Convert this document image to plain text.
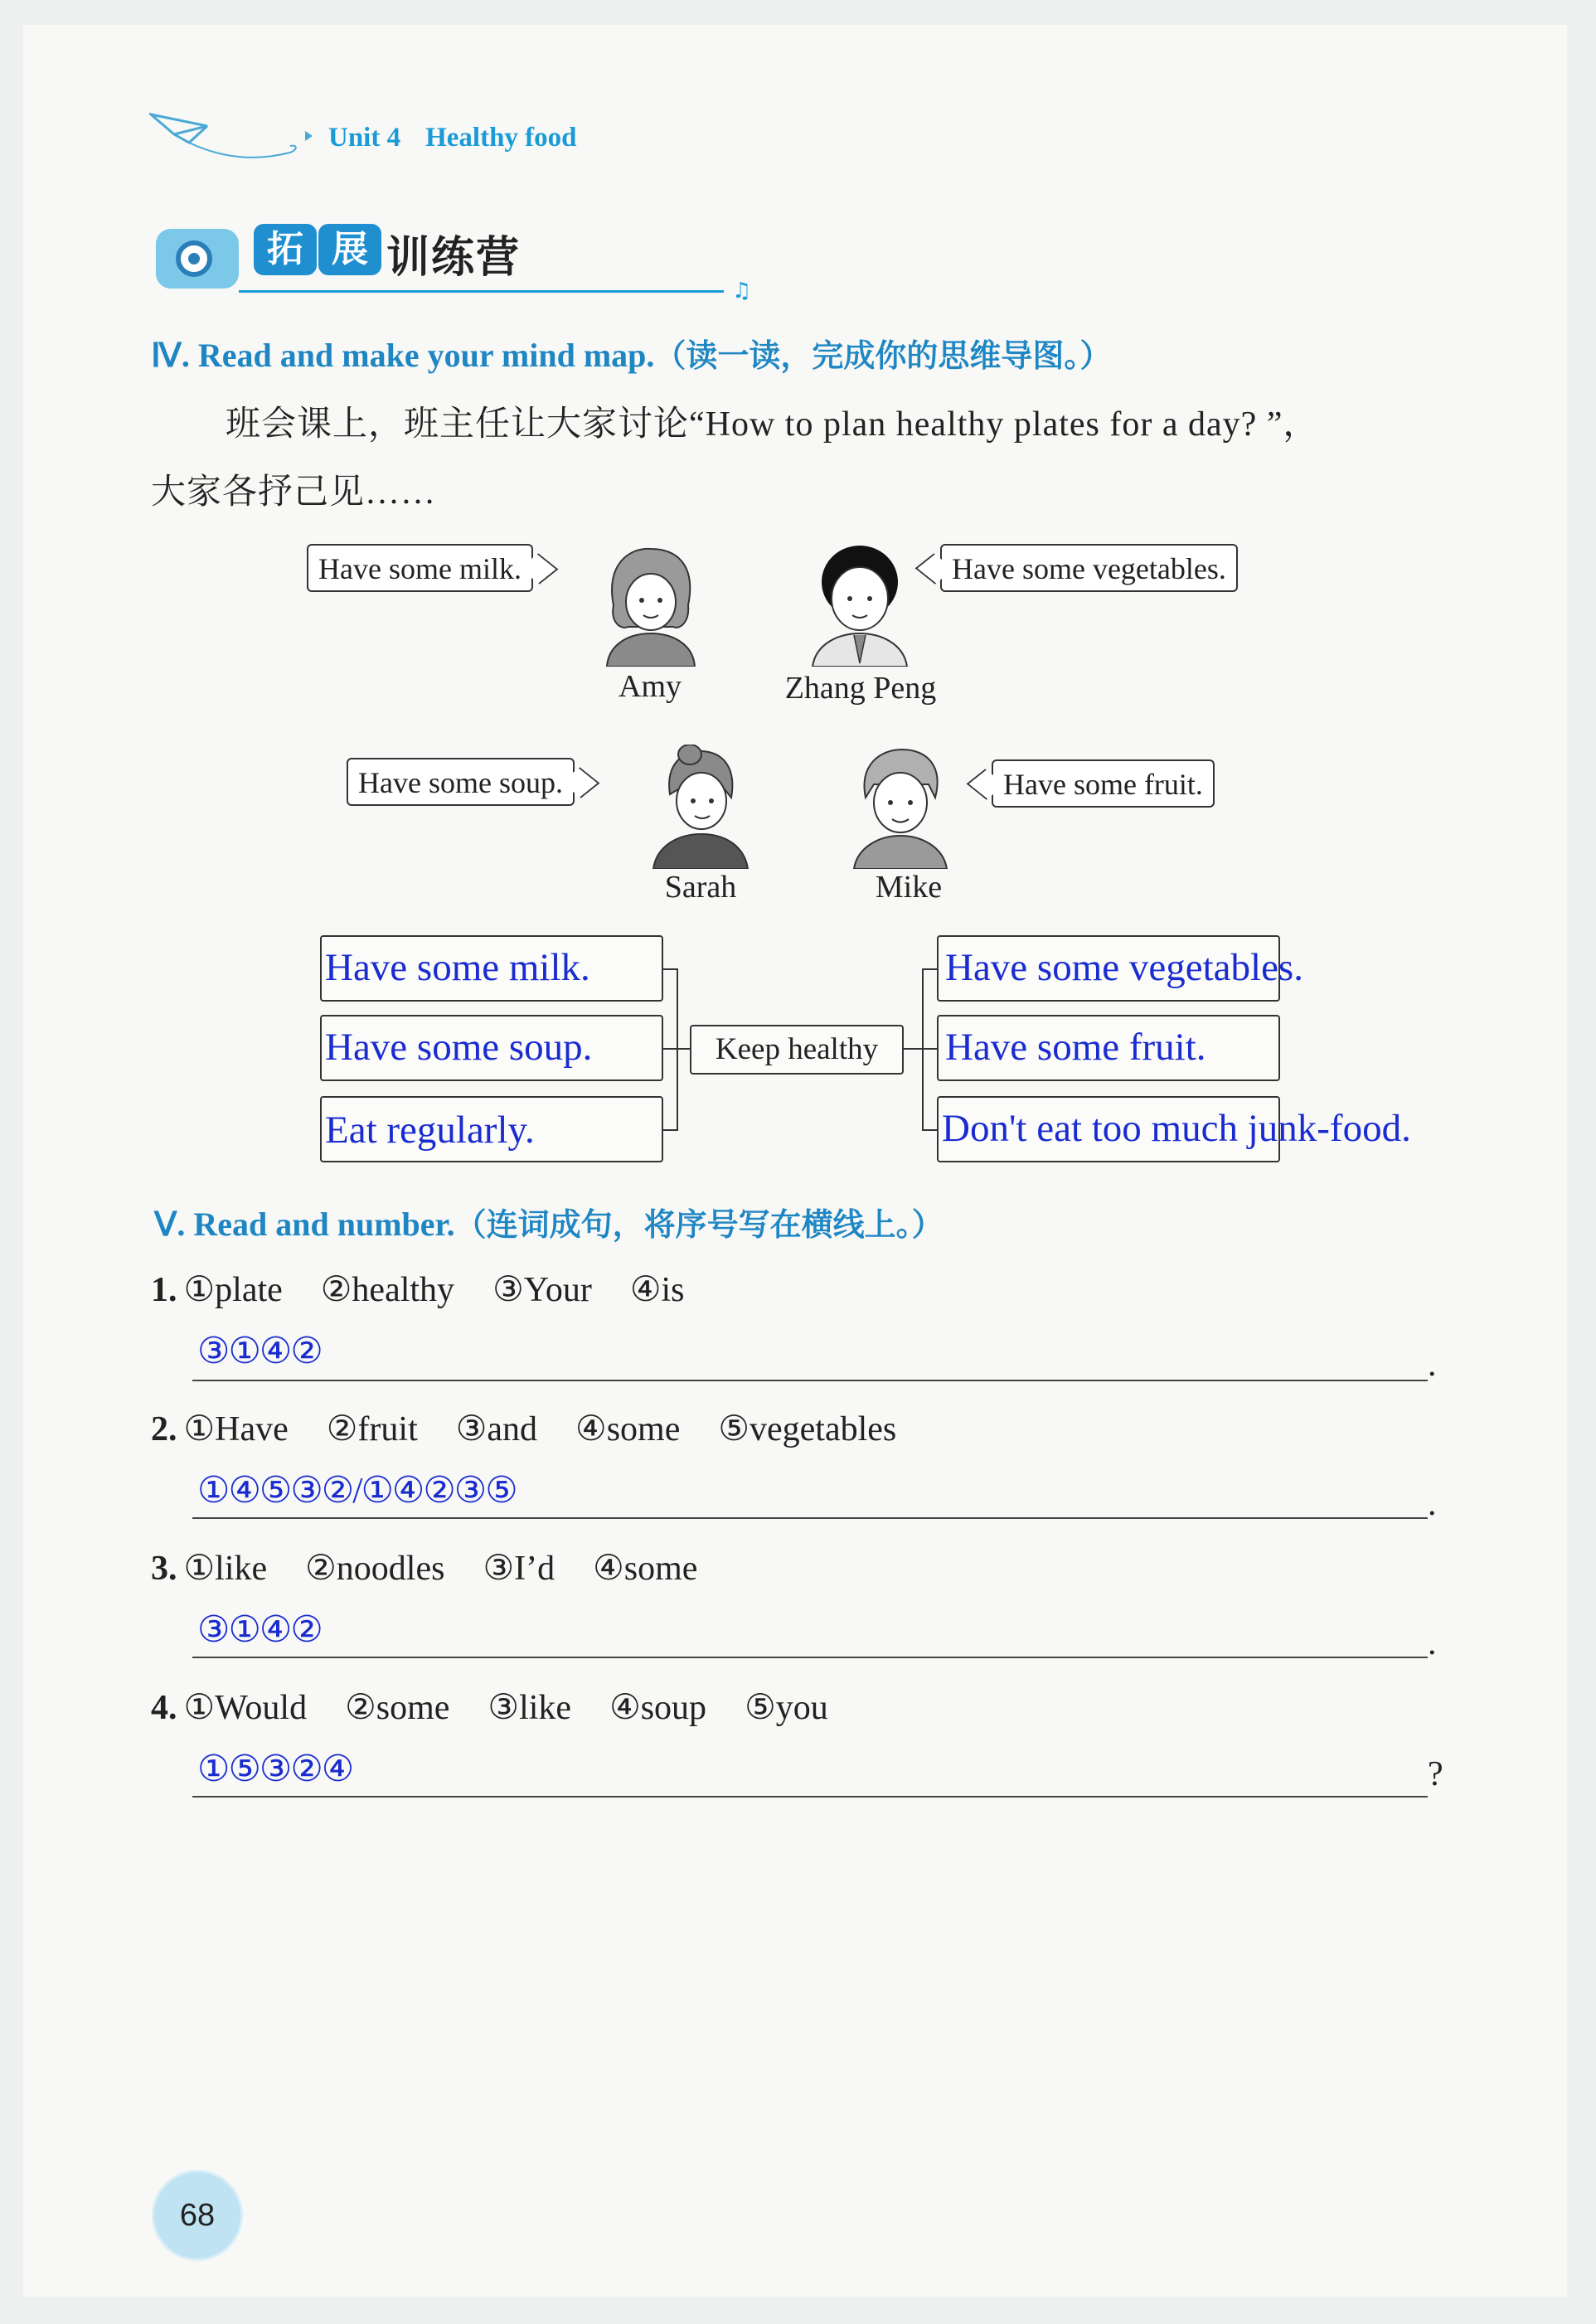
Unit 4 Healthy food
拓 展 训练营
♫
Ⅳ. Read and make your mind map.（读一读，完成你的思维导图。）
班会课上，班主任让大家讨论“How to plan healthy plates for a day? ”，
大家各抒己见……
Have some milk.	Have some vegetables.
Have some soup.	Have some fruit.
Amy	Zhang Peng
Sarah	Mike
Have some milk.
Have some soup.
Eat regularly.
Have some vegetables.
Have some fruit.
Don't eat too much junk-food.
Keep healthy
Ⅴ. Read and number.（连词成句，将序号写在横线上。）
1. ①plate ②healthy ③Your ④is
③①④②	.
2. ①Have ②fruit ③and ④some ⑤vegetables
①④⑤③②/①④②③⑤	.
3. ①like ②noodles ③I’d ④some
③①④②	.
4. ①Would ②some ③like ④soup ⑤you
①⑤③②④	?
68
